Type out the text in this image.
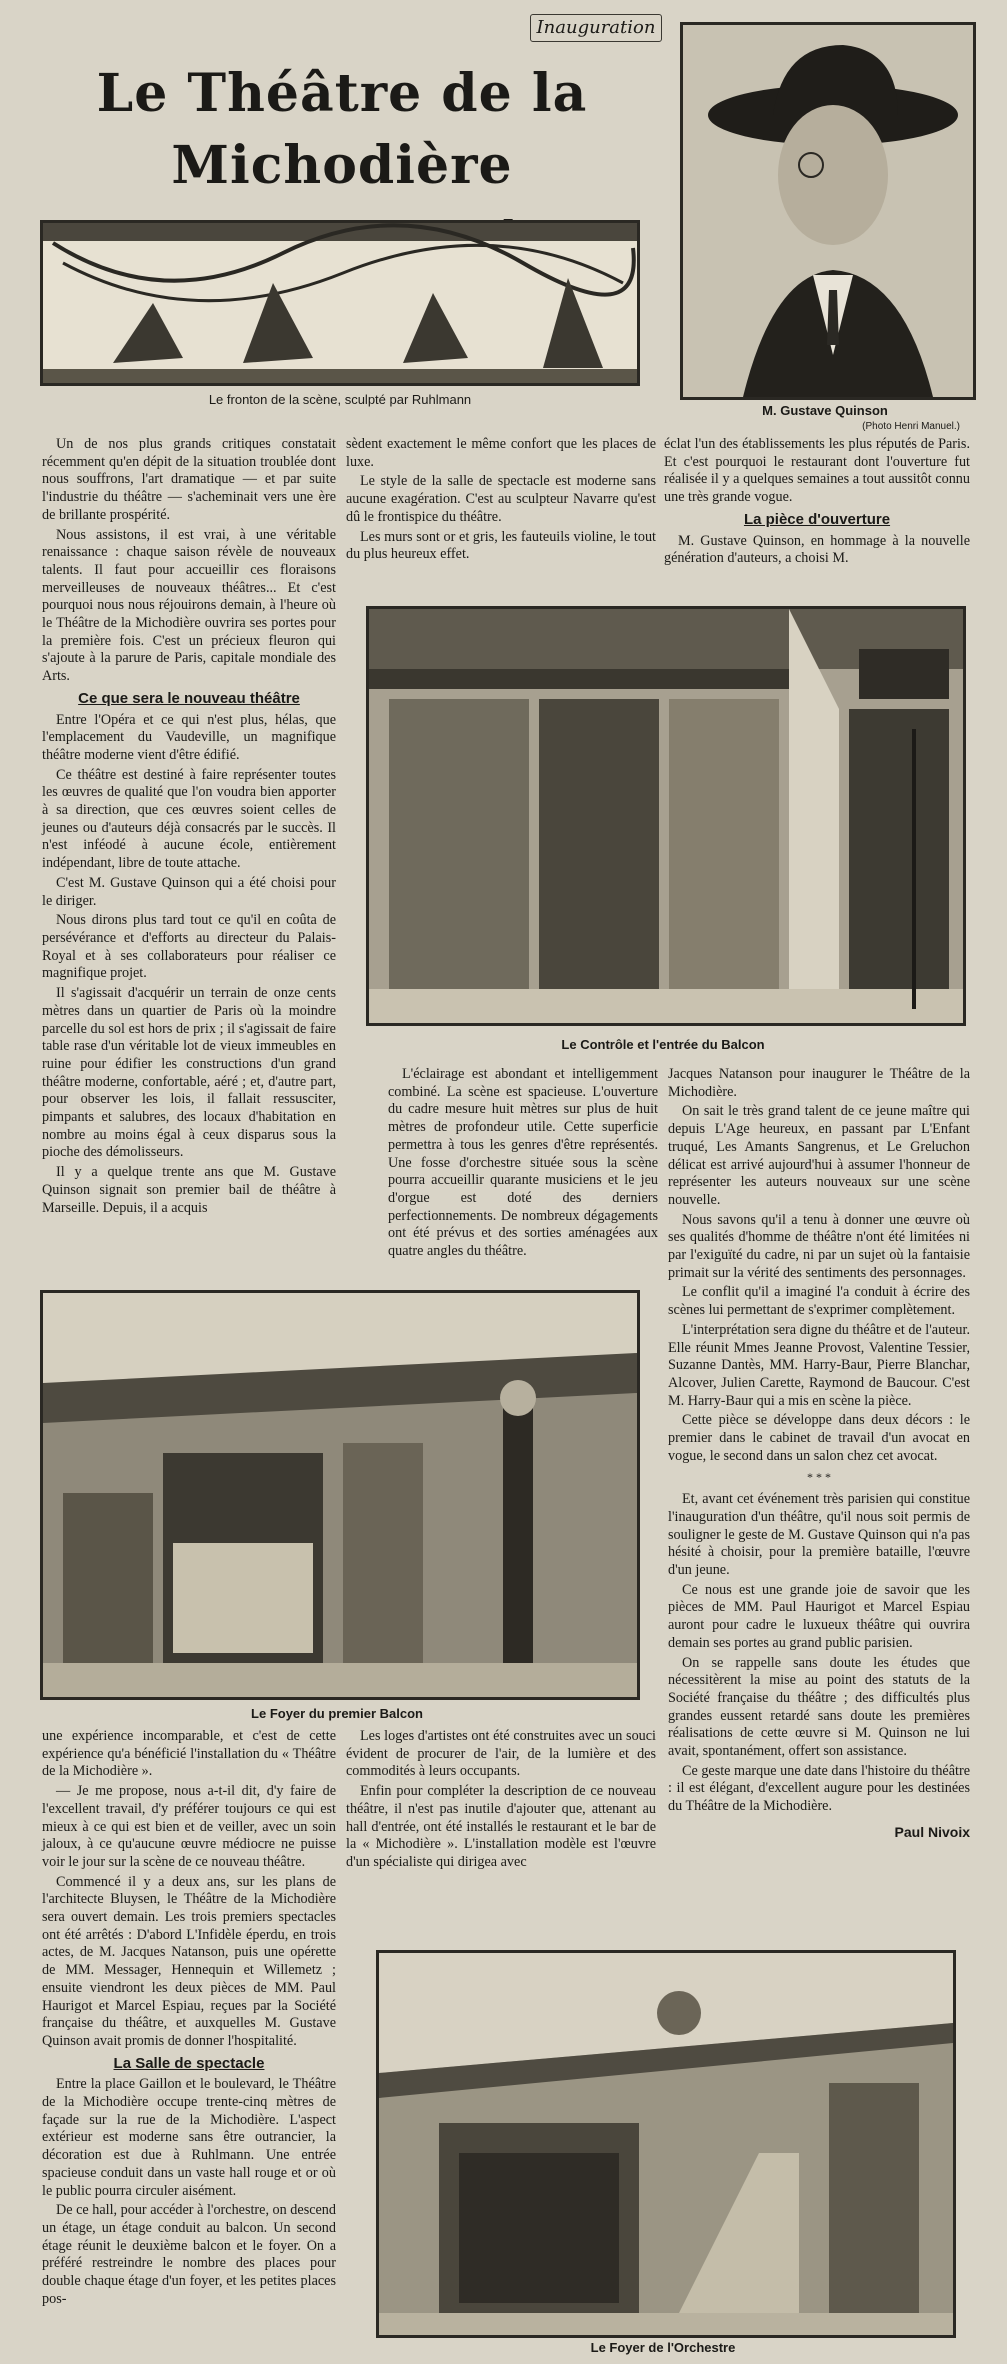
Inauguration
Le Théâtre de la Michodière
Le fronton de la scène, sculpté par Ruhlmann
M. Gustave Quinson
(Photo Henri Manuel.)

Un de nos plus grands critiques constatait récemment qu'en dépit de la situation troublée dont nous souffrons, l'art dramatique — et par suite l'industrie du théâtre — s'acheminait vers une ère de brillante prospérité.

Nous assistons, il est vrai, à une véritable renaissance : chaque saison révèle de nouveaux talents. Il faut pour accueillir ces floraisons merveilleuses de nouveaux théâtres... Et c'est pourquoi nous nous réjouirons demain, à l'heure où le Théâtre de la Michodière ouvrira ses portes pour la première fois. C'est un précieux fleuron qui s'ajoute à la parure de Paris, capitale mondiale des Arts.

Ce que sera le nouveau théâtre

Entre l'Opéra et ce qui n'est plus, hélas, que l'emplacement du Vaudeville, un magnifique théâtre moderne vient d'être édifié.

Ce théâtre est destiné à faire représenter toutes les œuvres de qualité que l'on voudra bien apporter à sa direction, que ces œuvres soient celles de jeunes ou d'auteurs déjà consacrés par le succès. Il n'est inféodé à aucune école, entièrement indépendant, libre de toute attache.

C'est M. Gustave Quinson qui a été choisi pour le diriger.

Nous dirons plus tard tout ce qu'il en coûta de persévérance et d'efforts au directeur du Palais-Royal et à ses collaborateurs pour réaliser ce magnifique projet.

Il s'agissait d'acquérir un terrain de onze cents mètres dans un quartier de Paris où la moindre parcelle du sol est hors de prix ; il s'agissait de faire table rase d'un véritable lot de vieux immeubles en ruine pour édifier les constructions d'un grand théâtre moderne, confortable, aéré ; et, d'autre part, pour observer les lois, il fallait ressusciter, pimpants et salubres, des locaux d'habitation en nombre au moins égal à ceux disparus sous la pioche des démolisseurs.

Il y a quelque trente ans que M. Gustave Quinson signait son premier bail de théâtre à Marseille. Depuis, il a acquis

sèdent exactement le même confort que les places de luxe.

Le style de la salle de spectacle est moderne sans aucune exagération. C'est au sculpteur Navarre qu'est dû le frontispice du théâtre.

Les murs sont or et gris, les fauteuils violine, le tout du plus heureux effet.

éclat l'un des établissements les plus réputés de Paris. Et c'est pourquoi le restaurant dont l'ouverture fut réalisée il y a quelques semaines a tout aussitôt connu une très grande vogue.

La pièce d'ouverture

M. Gustave Quinson, en hommage à la nouvelle génération d'auteurs, a choisi M.

Le Contrôle et l'entrée du Balcon

L'éclairage est abondant et intelligemment combiné. La scène est spacieuse. L'ouverture du cadre mesure huit mètres sur plus de huit mètres de profondeur utile. Cette superficie permettra à tous les genres d'être représentés. Une fosse d'orchestre située sous la scène pourra accueillir quarante musiciens et le jeu d'orgue est doté des derniers perfectionnements. De nombreux dégagements ont été prévus et des sorties aménagées aux quatre angles du théâtre.

Jacques Natanson pour inaugurer le Théâtre de la Michodière.

On sait le très grand talent de ce jeune maître qui depuis L'Age heureux, en passant par L'Enfant truqué, Les Amants Sangrenus, et Le Greluchon délicat est arrivé aujourd'hui à assumer l'honneur de représenter les auteurs nouveaux sur une scène nouvelle.

Nous savons qu'il a tenu à donner une œuvre où ses qualités d'homme de théâtre n'ont été limitées ni par l'exiguïté du cadre, ni par un sujet où la fantaisie primait sur la vérité des sentiments des personnages.

Le conflit qu'il a imaginé l'a conduit à écrire des scènes lui permettant de s'exprimer complètement.

L'interprétation sera digne du théâtre et de l'auteur. Elle réunit Mmes Jeanne Provost, Valentine Tessier, Suzanne Dantès, MM. Harry-Baur, Pierre Blanchar, Alcover, Julien Carette, Raymond de Baucour. C'est M. Harry-Baur qui a mis en scène la pièce.

Cette pièce se développe dans deux décors : le premier dans le cabinet de travail d'un avocat en vogue, le second dans un salon chez cet avocat.

* * *

Et, avant cet événement très parisien qui constitue l'inauguration d'un théâtre, qu'il nous soit permis de souligner le geste de M. Gustave Quinson qui n'a pas hésité à choisir, pour la première bataille, l'œuvre d'un jeune.

Ce nous est une grande joie de savoir que les pièces de MM. Paul Haurigot et Marcel Espiau auront pour cadre le luxueux théâtre qui ouvrira demain ses portes au grand public parisien.

On se rappelle sans doute les études que nécessitèrent la mise au point des statuts de la Société française du théâtre ; des difficultés plus grandes eussent retardé sans doute les premières réalisations de cette œuvre si M. Quinson ne lui avait, spontanément, offert son assistance.

Ce geste marque une date dans l'histoire du théâtre : il est élégant, d'excellent augure pour les destinées du Théâtre de la Michodière.

Paul Nivoix
Le Foyer du premier Balcon

une expérience incomparable, et c'est de cette expérience qu'a bénéficié l'installation du « Théâtre de la Michodière ».

— Je me propose, nous a-t-il dit, d'y faire de l'excellent travail, d'y préférer toujours ce qui est mieux à ce qui est bien et de veiller, avec un soin jaloux, à ce qu'aucune œuvre médiocre ne puisse voir le jour sur la scène de ce nouveau théâtre.

Commencé il y a deux ans, sur les plans de l'architecte Bluysen, le Théâtre de la Michodière sera ouvert demain. Les trois premiers spectacles ont été arrêtés : D'abord L'Infidèle éperdu, en trois actes, de M. Jacques Natanson, puis une opérette de MM. Messager, Hennequin et Willemetz ; ensuite viendront les deux pièces de MM. Paul Haurigot et Marcel Espiau, reçues par la Société française du théâtre, et auxquelles M. Gustave Quinson avait promis de donner l'hospitalité.

La Salle de spectacle

Entre la place Gaillon et le boulevard, le Théâtre de la Michodière occupe trente-cinq mètres de façade sur la rue de la Michodière. L'aspect extérieur est moderne sans être outrancier, la décoration est due à Ruhlmann. Une entrée spacieuse conduit dans un vaste hall rouge et or où le public pourra circuler aisément.

De ce hall, pour accéder à l'orchestre, on descend un étage, un étage conduit au balcon. Un second étage réunit le deuxième balcon et le foyer. On a préféré restreindre le nombre des places pour double chaque étage d'un foyer, et les petites places pos-

Les loges d'artistes ont été construites avec un souci évident de procurer de l'air, de la lumière et des commodités à leurs occupants.

Enfin pour compléter la description de ce nouveau théâtre, il n'est pas inutile d'ajouter que, attenant au hall d'entrée, ont été installés le restaurant et le bar de la « Michodière ». L'installation modèle est l'œuvre d'un spécialiste qui dirigea avec

Le Foyer de l'Orchestre
